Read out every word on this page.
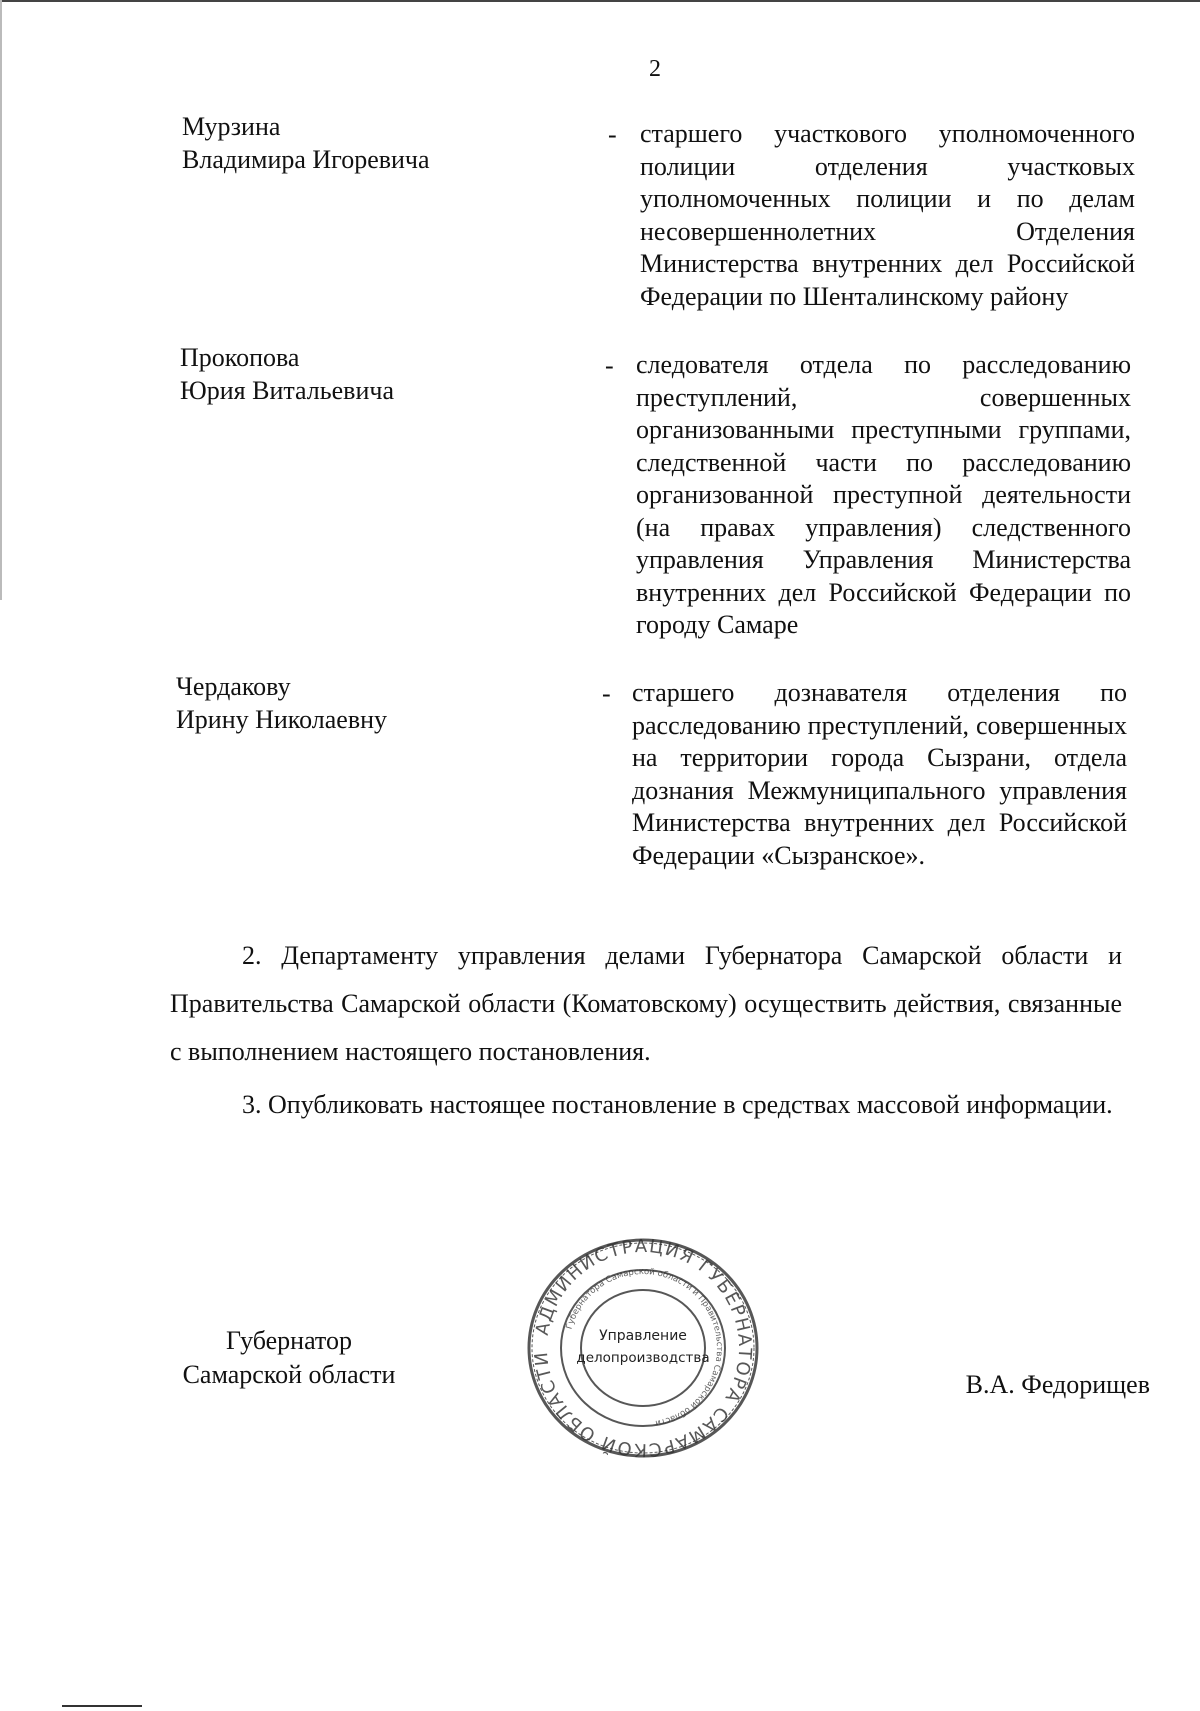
2
Мурзина
Владимира Игоревича
- старшего участкового уполномоченного полиции отделения участковых уполномоченных полиции и по делам несовершеннолетних Отделения Министерства внутренних дел Российской Федерации по Шенталинскому району
Прокопова
Юрия Витальевича
- следователя отдела по расследованию преступлений, совершенных организованными преступными группами, следственной части по расследованию организованной преступной деятельности (на правах управления) следственного управления Управления Министерства внутренних дел Российской Федерации по городу Самаре
Чердакову
Ирину Николаевну
- старшего дознавателя отделения по расследованию преступлений, совершенных на территории города Сызрани, отдела дознания Межмуниципального управления Министерства внутренних дел Российской Федерации «Сызранское».
2. Департаменту управления делами Губернатора Самарской области и Правительства Самарской области (Коматовскому) осуществить действия, связанные с выполнением настоящего постановления.
3. Опубликовать настоящее постановление в средствах массовой информации.
Губернатор
Самарской области	В.А. Федорищев
АДМИНИСТРАЦИЯ ГУБЕРНАТОРА САМАРСКОЙ ОБЛАСТИ
Губернатора Самарской области и Правительства Самарской области
Управление
делопроизводства
